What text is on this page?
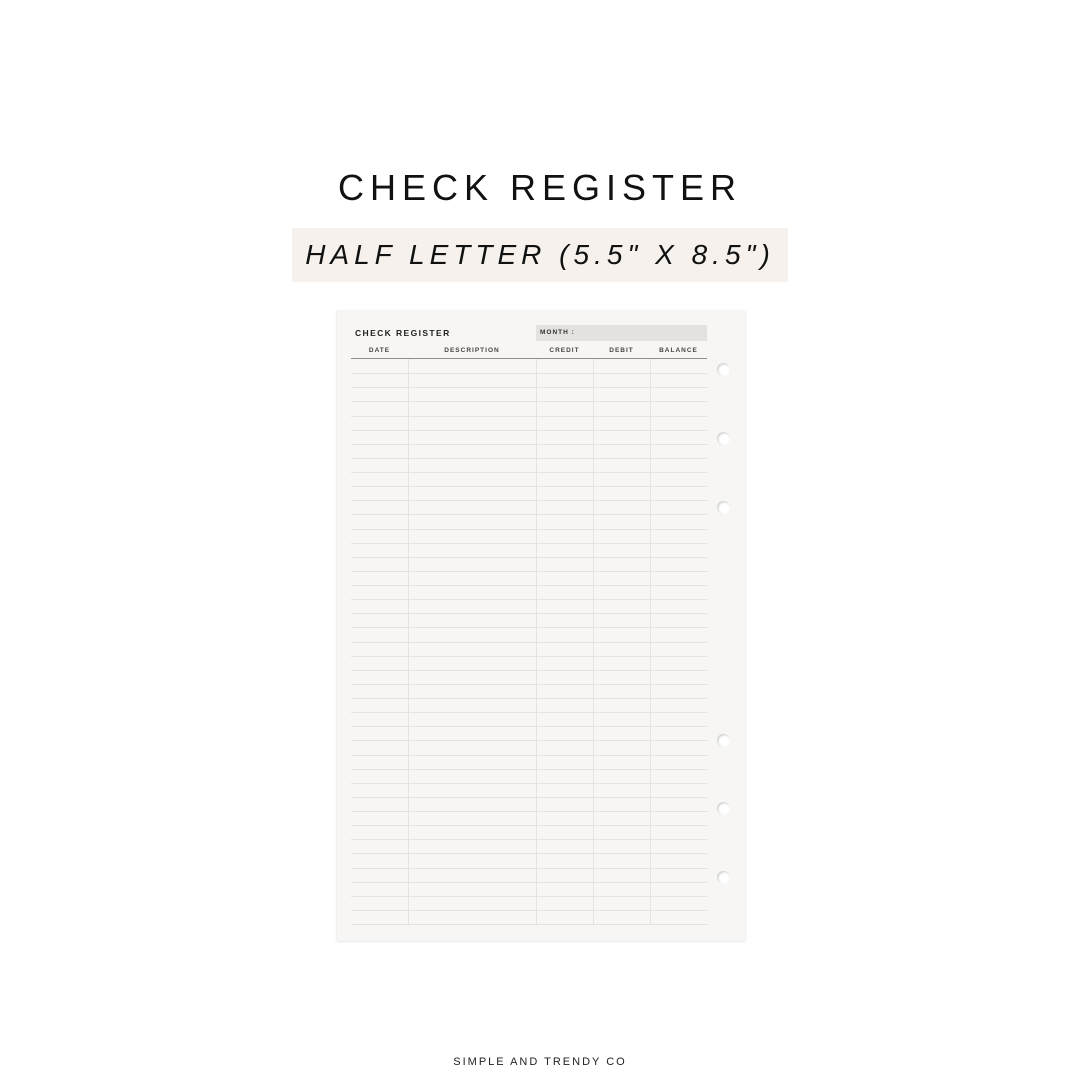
CHECK REGISTER
HALF LETTER (5.5" X 8.5")
CHECK REGISTER	MONTH :
DATE	DESCRIPTION	CREDIT	DEBIT	BALANCE
SIMPLE AND TRENDY CO
